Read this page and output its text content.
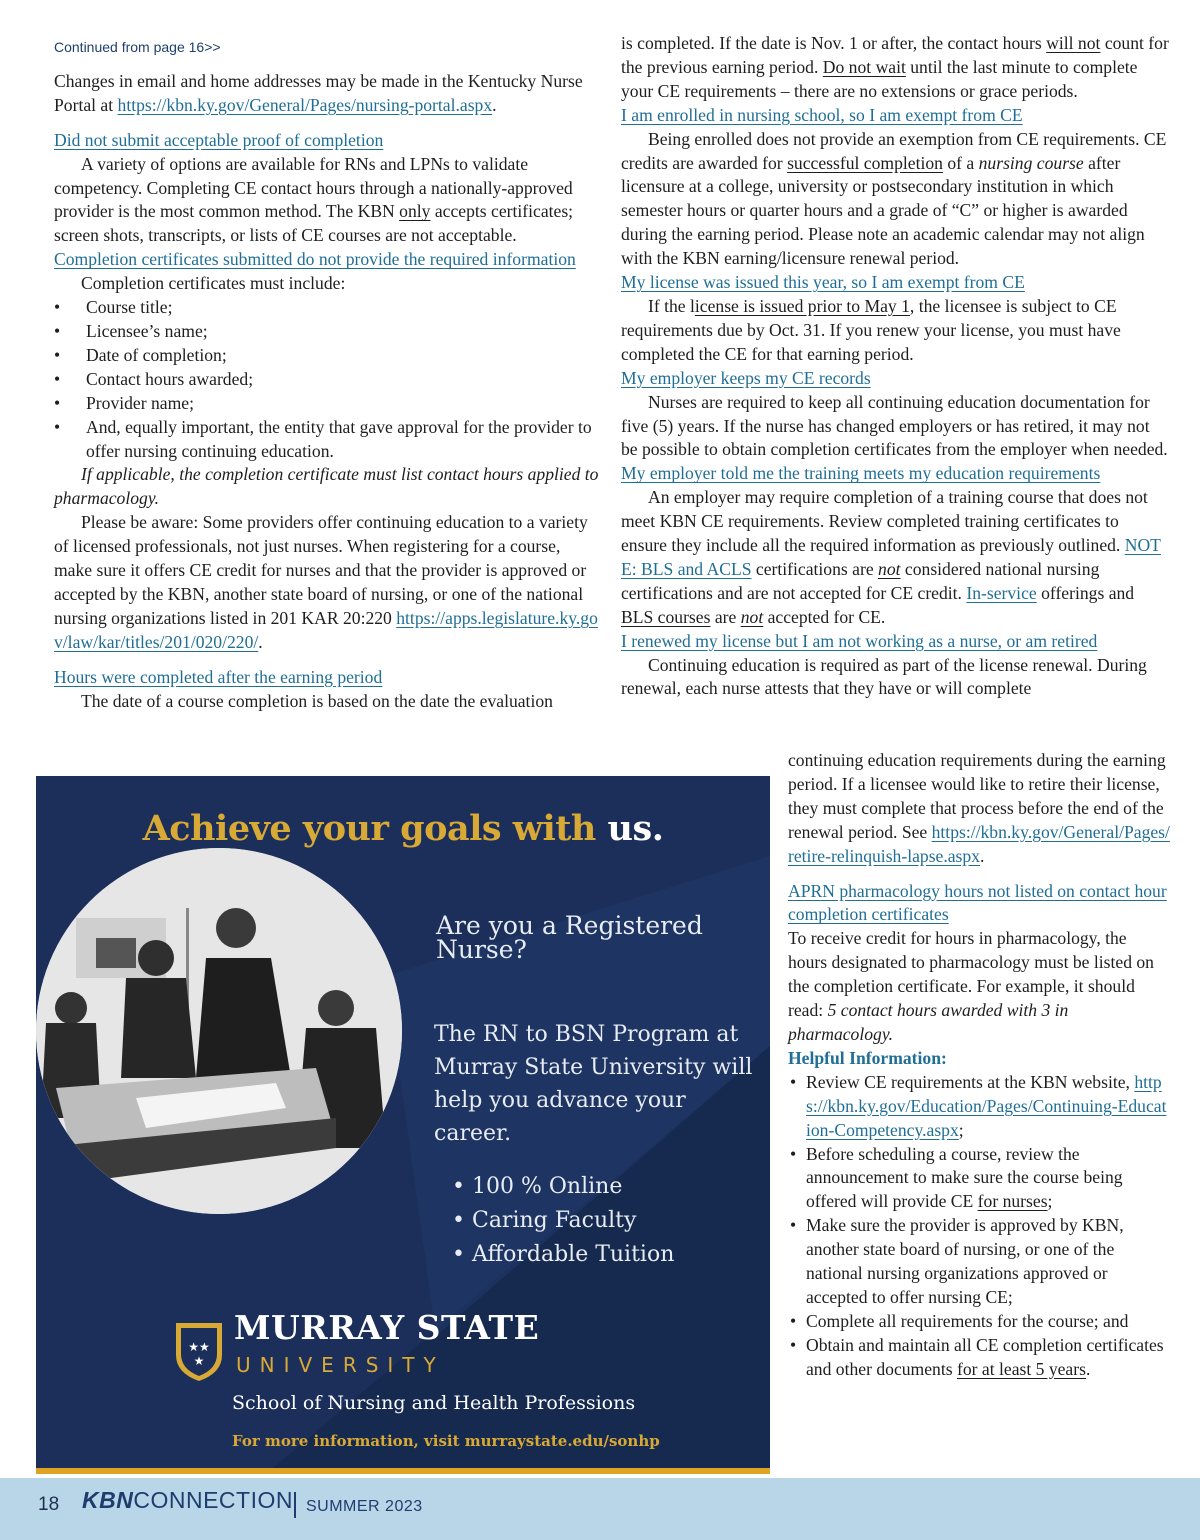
Continued from page 16>>

Changes in email and home addresses may be made in the Kentucky Nurse Portal at https://kbn.ky.gov/General/Pages/nursing-portal.aspx.

Did not submit acceptable proof of completion

A variety of options are available for RNs and LPNs to validate competency. Completing CE contact hours through a nationally-approved provider is the most common method. The KBN only accepts certificates; screen shots, transcripts, or lists of CE courses are not acceptable.

Completion certificates submitted do not provide the required information

Completion certificates must include:

• Course title;
• Licensee’s name;
• Date of completion;
• Contact hours awarded;
• Provider name;
• And, equally important, the entity that gave approval for the provider to offer nursing continuing education.

If applicable, the completion certificate must list contact hours applied to pharmacology.

Please be aware: Some providers offer continuing education to a variety of licensed professionals, not just nurses. When registering for a course, make sure it offers CE credit for nurses and that the provider is approved or accepted by the KBN, another state board of nursing, or one of the national nursing organizations listed in 201 KAR 20:220 https://apps.legislature.ky.gov/law/kar/titles/201/020/220/.

Hours were completed after the earning period

The date of a course completion is based on the date the evaluation

is completed. If the date is Nov. 1 or after, the contact hours will not count for the previous earning period. Do not wait until the last minute to complete your CE requirements – there are no extensions or grace periods.

I am enrolled in nursing school, so I am exempt from CE

Being enrolled does not provide an exemption from CE requirements. CE credits are awarded for successful completion of a nursing course after licensure at a college, university or postsecondary institution in which semester hours or quarter hours and a grade of “C” or higher is awarded during the earning period. Please note an academic calendar may not align with the KBN earning/licensure renewal period.

My license was issued this year, so I am exempt from CE

If the license is issued prior to May 1, the licensee is subject to CE requirements due by Oct. 31. If you renew your license, you must have completed the CE for that earning period.

My employer keeps my CE records

Nurses are required to keep all continuing education documentation for five (5) years. If the nurse has changed employers or has retired, it may not be possible to obtain completion certificates from the employer when needed.

My employer told me the training meets my education requirements

An employer may require completion of a training course that does not meet KBN CE requirements. Review completed training certificates to ensure they include all the required information as previously outlined. NOTE: BLS and ACLS certifications are not considered national nursing certifications and are not accepted for CE credit. In-service offerings and BLS courses are not accepted for CE.

I renewed my license but I am not working as a nurse, or am retired

Continuing education is required as part of the license renewal. During renewal, each nurse attests that they have or will complete

continuing education requirements during the earning period. If a licensee would like to retire their license, they must complete that process before the end of the renewal period. See https://kbn.ky.gov/General/Pages/retire-relinquish-lapse.aspx.

APRN pharmacology hours not listed on contact hour completion certificates

To receive credit for hours in pharmacology, the hours designated to pharmacology must be listed on the completion certificate. For example, it should read: 5 contact hours awarded with 3 in pharmacology.

Helpful Information:
• Review CE requirements at the KBN website, https://kbn.ky.gov/Education/Pages/Continuing-Education-Competency.aspx;
• Before scheduling a course, review the announcement to make sure the course being offered will provide CE for nurses;
• Make sure the provider is approved by KBN, another state board of nursing, or one of the national nursing organizations approved or accepted to offer nursing CE;
• Complete all requirements for the course; and
• Obtain and maintain all CE completion certificates and other documents for at least 5 years.
Achieve your goals with us.
Are you a Registered Nurse?
The RN to BSN Program at Murray State University will help you advance your career.
• 100 % Online
• Caring Faculty
• Affordable Tuition
★★
★
MURRAY STATE
UNIVERSITY
School of Nursing and Health Professions
For more information, visit murraystate.edu/sonhp
18 KBNCONNECTION SUMMER 2023
